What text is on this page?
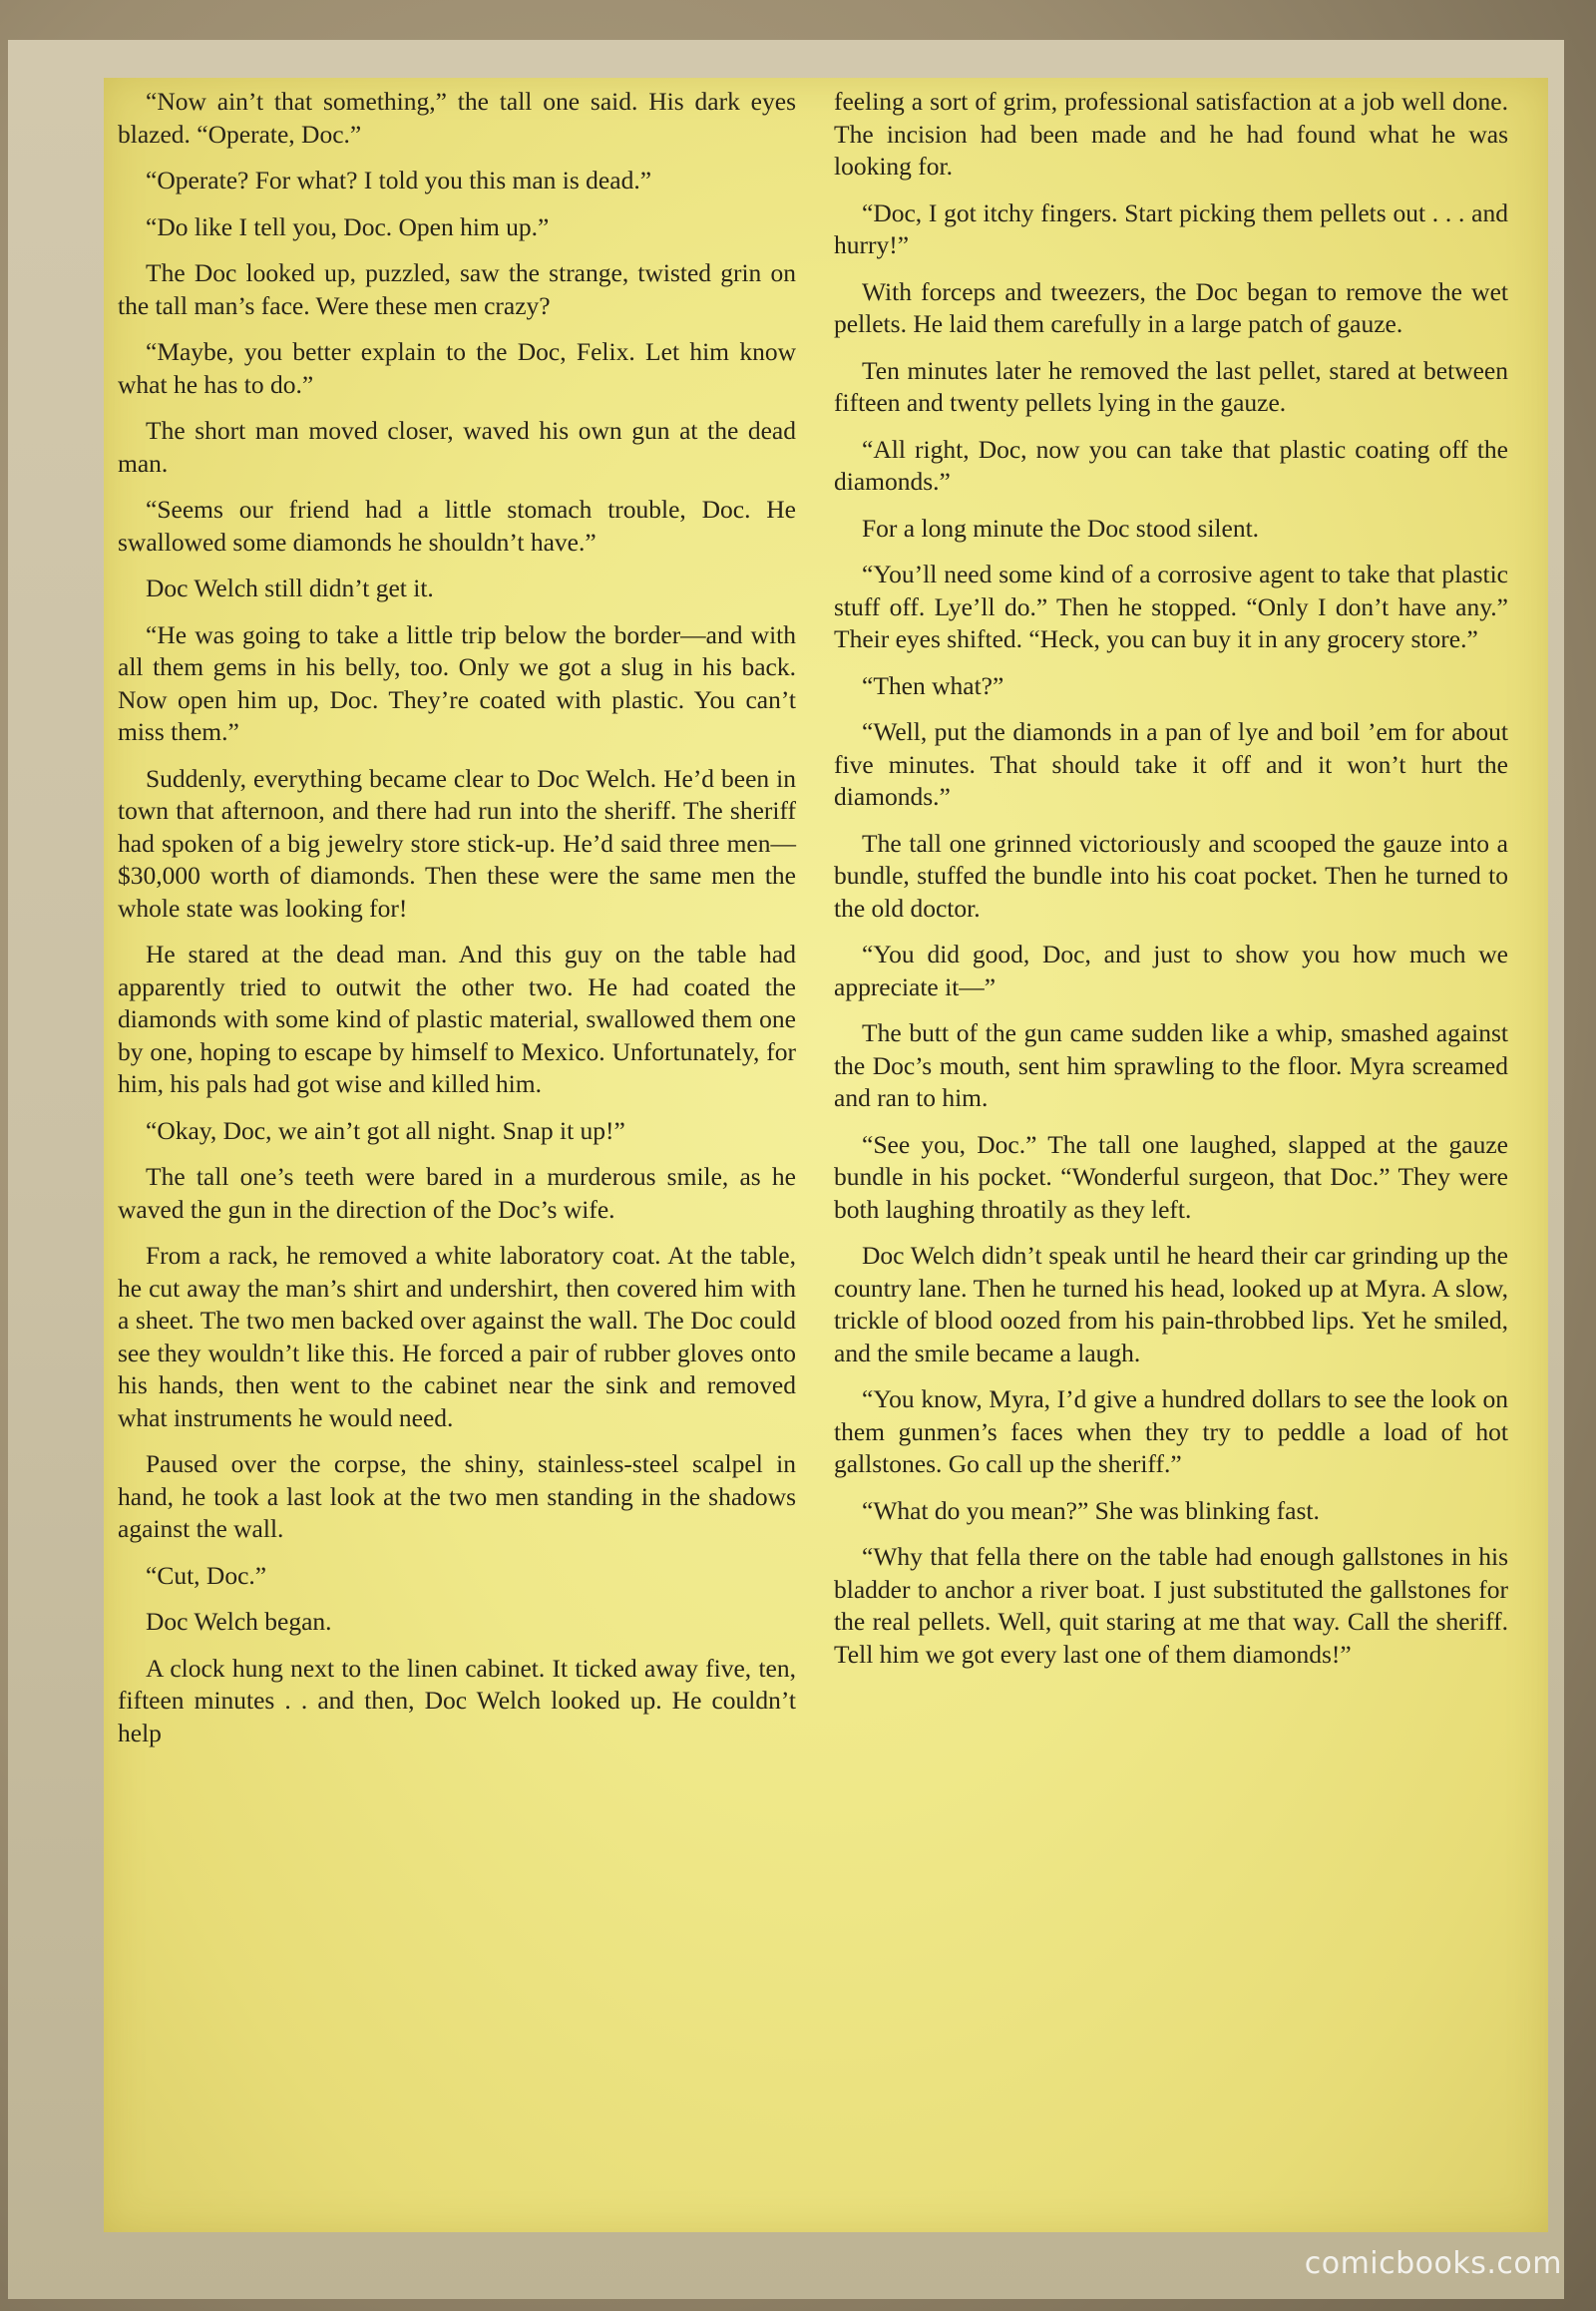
“Now ain’t that something,” the tall one said. His dark eyes blazed. “Operate, Doc.”

“Operate? For what? I told you this man is dead.”

“Do like I tell you, Doc. Open him up.”

The Doc looked up, puzzled, saw the strange, twisted grin on the tall man’s face. Were these men crazy?

“Maybe, you better explain to the Doc, Felix. Let him know what he has to do.”

The short man moved closer, waved his own gun at the dead man.

“Seems our friend had a little stomach trouble, Doc. He swallowed some diamonds he shouldn’t have.”

Doc Welch still didn’t get it.

“He was going to take a little trip below the border—and with all them gems in his belly, too. Only we got a slug in his back. Now open him up, Doc. They’re coated with plastic. You can’t miss them.”

Suddenly, everything became clear to Doc Welch. He’d been in town that afternoon, and there had run into the sheriff. The sheriff had spoken of a big jewelry store stick-up. He’d said three men—$30,000 worth of diamonds. Then these were the same men the whole state was looking for!

He stared at the dead man. And this guy on the table had apparently tried to outwit the other two. He had coated the diamonds with some kind of plastic material, swallowed them one by one, hoping to escape by himself to Mexico. Unfortunately, for him, his pals had got wise and killed him.

“Okay, Doc, we ain’t got all night. Snap it up!”

The tall one’s teeth were bared in a murderous smile, as he waved the gun in the direction of the Doc’s wife.

From a rack, he removed a white laboratory coat. At the table, he cut away the man’s shirt and undershirt, then covered him with a sheet. The two men backed over against the wall. The Doc could see they wouldn’t like this. He forced a pair of rubber gloves onto his hands, then went to the cabinet near the sink and removed what instruments he would need.

Paused over the corpse, the shiny, stainless-steel scalpel in hand, he took a last look at the two men standing in the shadows against the wall.

“Cut, Doc.”

Doc Welch began.

A clock hung next to the linen cabinet. It ticked away five, ten, fifteen minutes . . and then, Doc Welch looked up. He couldn’t help

feeling a sort of grim, professional satisfaction at a job well done. The incision had been made and he had found what he was looking for.

“Doc, I got itchy fingers. Start picking them pellets out . . . and hurry!”

With forceps and tweezers, the Doc began to remove the wet pellets. He laid them carefully in a large patch of gauze.

Ten minutes later he removed the last pellet, stared at between fifteen and twenty pellets lying in the gauze.

“All right, Doc, now you can take that plastic coating off the diamonds.”

For a long minute the Doc stood silent.

“You’ll need some kind of a corrosive agent to take that plastic stuff off. Lye’ll do.” Then he stopped. “Only I don’t have any.” Their eyes shifted. “Heck, you can buy it in any grocery store.”

“Then what?”

“Well, put the diamonds in a pan of lye and boil ’em for about five minutes. That should take it off and it won’t hurt the diamonds.”

The tall one grinned victoriously and scooped the gauze into a bundle, stuffed the bundle into his coat pocket. Then he turned to the old doctor.

“You did good, Doc, and just to show you how much we appreciate it—”

The butt of the gun came sudden like a whip, smashed against the Doc’s mouth, sent him sprawling to the floor. Myra screamed and ran to him.

“See you, Doc.” The tall one laughed, slapped at the gauze bundle in his pocket. “Wonderful surgeon, that Doc.” They were both laughing throatily as they left.

Doc Welch didn’t speak until he heard their car grinding up the country lane. Then he turned his head, looked up at Myra. A slow, trickle of blood oozed from his pain-throbbed lips. Yet he smiled, and the smile became a laugh.

“You know, Myra, I’d give a hundred dollars to see the look on them gunmen’s faces when they try to peddle a load of hot gallstones. Go call up the sheriff.”

“What do you mean?” She was blinking fast.

“Why that fella there on the table had enough gallstones in his bladder to anchor a river boat. I just substituted the gallstones for the real pellets. Well, quit staring at me that way. Call the sheriff. Tell him we got every last one of them diamonds!”

comicbooks.com
